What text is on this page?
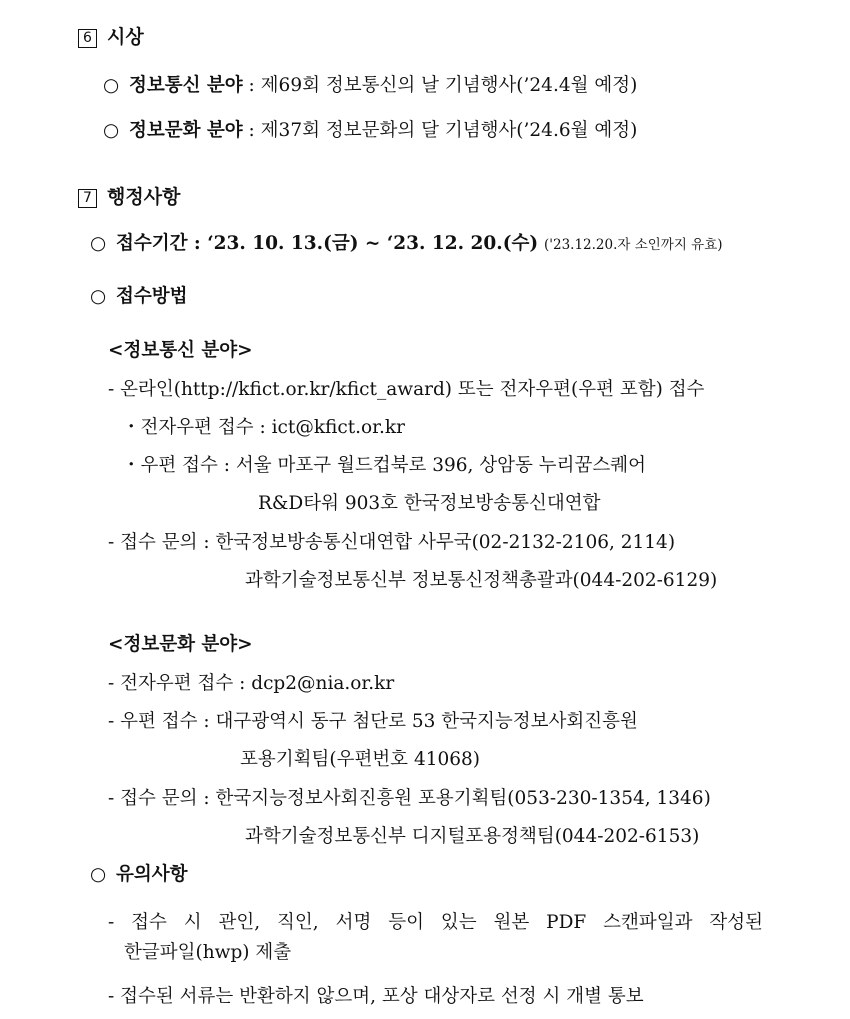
6 시상
○ 정보통신 분야 : 제69회 정보통신의 날 기념행사(’24.4월 예정)
○ 정보문화 분야 : 제37회 정보문화의 달 기념행사(’24.6월 예정)
7 행정사항
○ 접수기간 : ‘23. 10. 13.(금) ~ ‘23. 12. 20.(수) ('23.12.20.자 소인까지 유효)
○ 접수방법
<정보통신 분야>
- 온라인(http://kfict.or.kr/kfict_award) 또는 전자우편(우편 포함) 접수
・전자우편 접수 : ict@kfict.or.kr
・우편 접수 : 서울 마포구 월드컵북로 396, 상암동 누리꿈스퀘어
R&D타워 903호 한국정보방송통신대연합
- 접수 문의 : 한국정보방송통신대연합 사무국(02-2132-2106, 2114)
과학기술정보통신부 정보통신정책총괄과(044-202-6129)
<정보문화 분야>
- 전자우편 접수 : dcp2@nia.or.kr
- 우편 접수 : 대구광역시 동구 첨단로 53 한국지능정보사회진흥원
포용기획팀(우편번호 41068)
- 접수 문의 : 한국지능정보사회진흥원 포용기획팀(053-230-1354, 1346)
과학기술정보통신부 디지털포용정책팀(044-202-6153)
○ 유의사항
- 접수 시 관인, 직인, 서명 등이 있는 원본 PDF 스캔파일과 작성된
한글파일(hwp) 제출
- 접수된 서류는 반환하지 않으며, 포상 대상자로 선정 시 개별 통보
